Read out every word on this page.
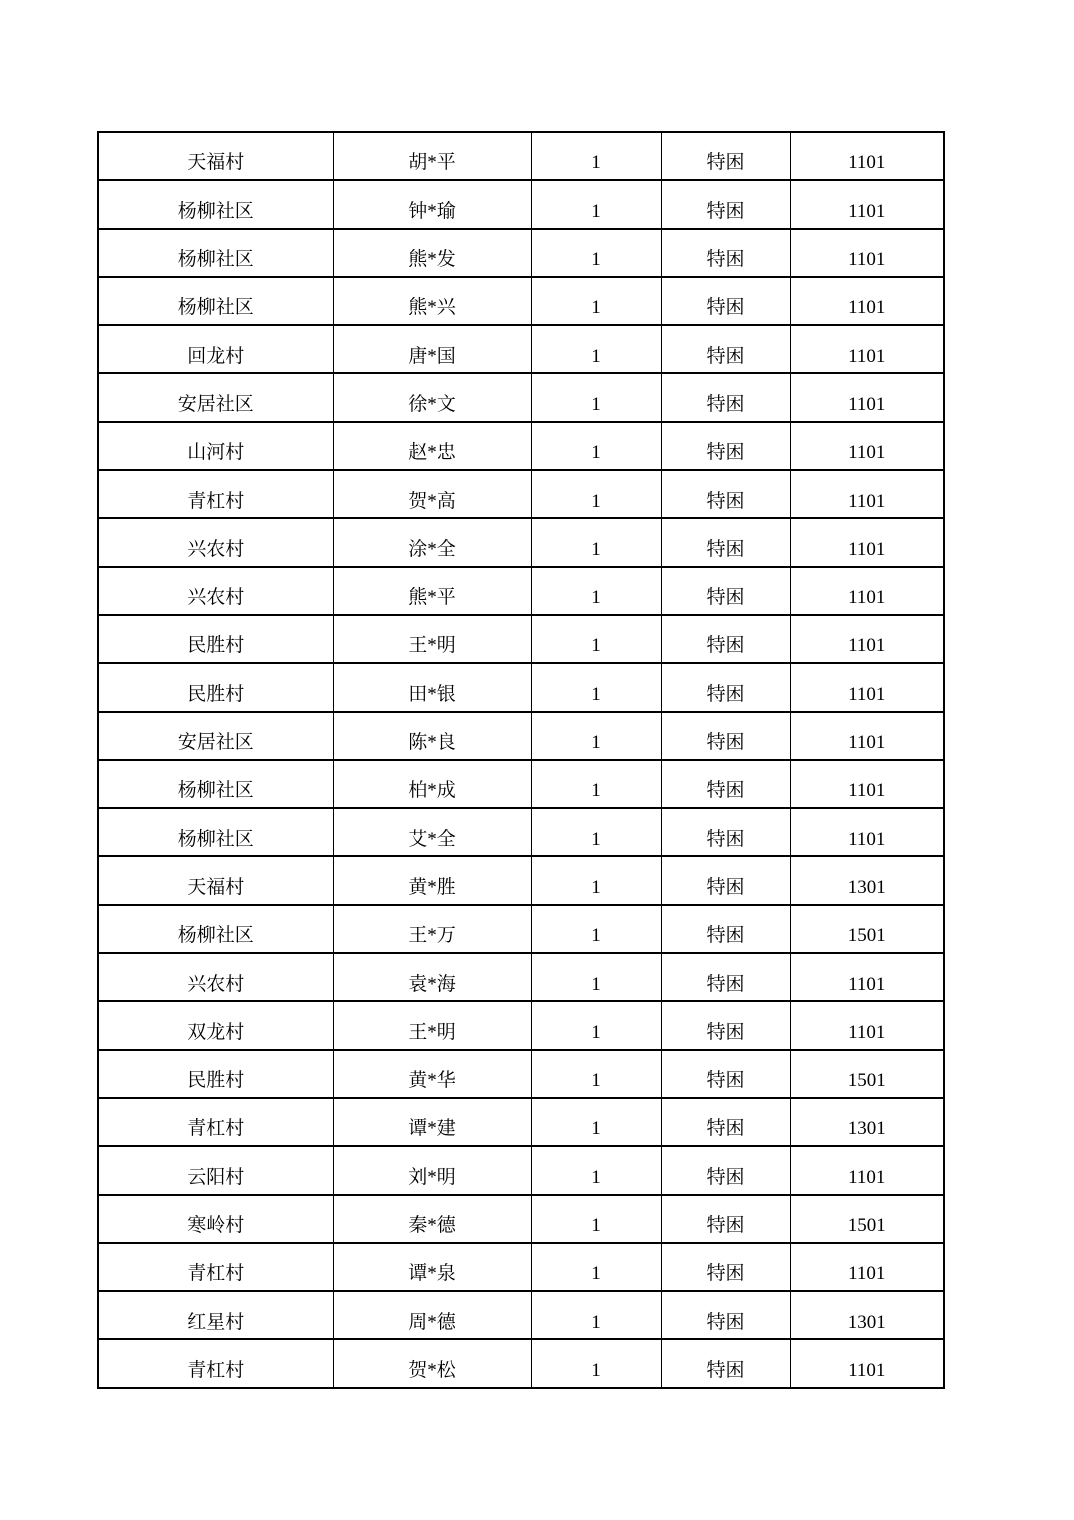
天福村	胡*平	1	特困	1101
杨柳社区	钟*瑜	1	特困	1101
杨柳社区	熊*发	1	特困	1101
杨柳社区	熊*兴	1	特困	1101
回龙村	唐*国	1	特困	1101
安居社区	徐*文	1	特困	1101
山河村	赵*忠	1	特困	1101
青杠村	贺*高	1	特困	1101
兴农村	涂*全	1	特困	1101
兴农村	熊*平	1	特困	1101
民胜村	王*明	1	特困	1101
民胜村	田*银	1	特困	1101
安居社区	陈*良	1	特困	1101
杨柳社区	柏*成	1	特困	1101
杨柳社区	艾*全	1	特困	1101
天福村	黄*胜	1	特困	1301
杨柳社区	王*万	1	特困	1501
兴农村	袁*海	1	特困	1101
双龙村	王*明	1	特困	1101
民胜村	黄*华	1	特困	1501
青杠村	谭*建	1	特困	1301
云阳村	刘*明	1	特困	1101
寒岭村	秦*德	1	特困	1501
青杠村	谭*泉	1	特困	1101
红星村	周*德	1	特困	1301
青杠村	贺*松	1	特困	1101
